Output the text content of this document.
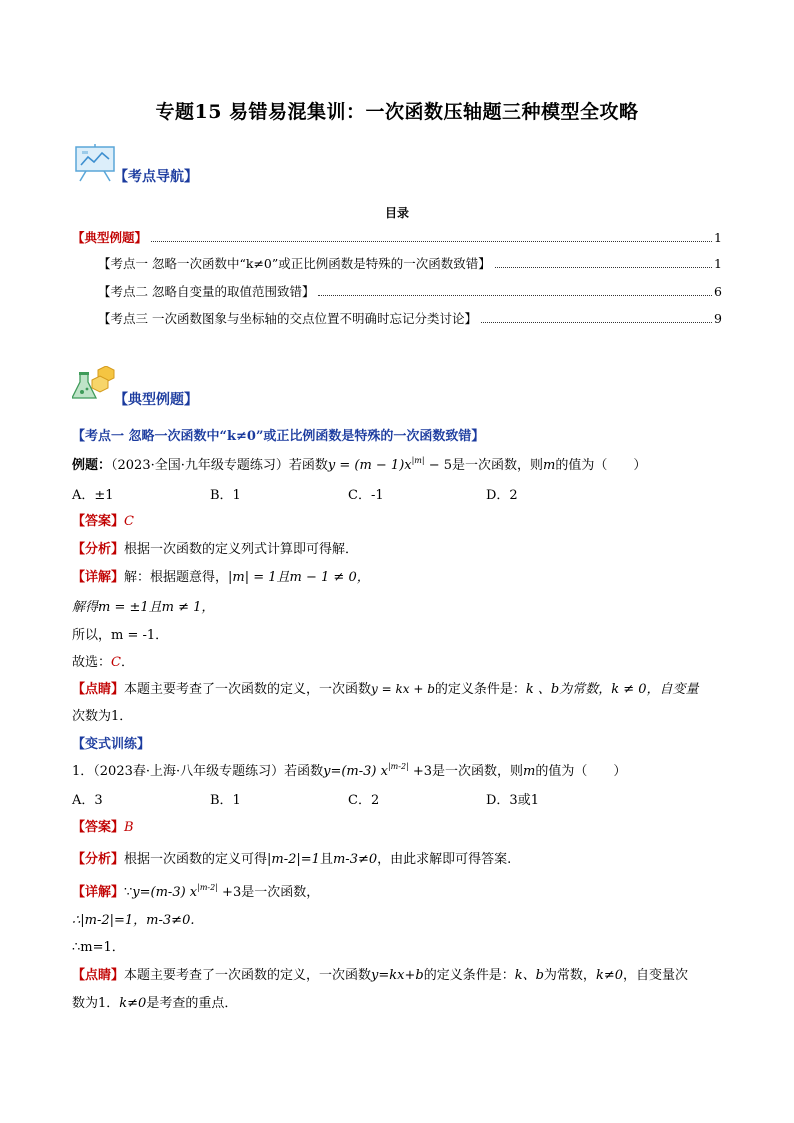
专题15 易错易混集训：一次函数压轴题三种模型全攻略
【考点导航】
目录
【典型例题】	1
【考点一 忽略一次函数中“k≠0”或正比例函数是特殊的一次函数致错】	1
【考点二 忽略自变量的取值范围致错】	6
【考点三 一次函数图象与坐标轴的交点位置不明确时忘记分类讨论】	9
【典型例题】
【考点一 忽略一次函数中“k≠0”或正比例函数是特殊的一次函数致错】
例题：（2023·全国·九年级专题练习）若函数$y = (m - 1)x^{|m|} - 5$是一次函数，则m的值为（　　）
A．±1	B．1	C．-1	D．2
【答案】C
【分析】根据一次函数的定义列式计算即可得解．
【详解】解：根据题意得，|m| = 1且m − 1 ≠ 0，
解得m = ±1且m ≠ 1，
所以，m = -1．
故选：C．
【点睛】本题主要考查了一次函数的定义，一次函数y = kx + b的定义条件是：k 、b为常数，k ≠ 0，自变量
次数为1．
【变式训练】
1．（2023春·上海·八年级专题练习）若函数y=(m-3) $x^{|m-2|} +3$是一次函数，则m的值为（　　）
A．3	B．1	C．2	D．3或1
【答案】B
【分析】根据一次函数的定义可得|m-2|=1且m-3≠0，由此求解即可得答案.
【详解】∵y=(m-3) $x^{|m-2|} +3$是一次函数，
∴|m-2|=1，m-3≠0.
∴m=1．
【点睛】本题主要考查了一次函数的定义，一次函数y=kx+b的定义条件是：k、b为常数，k≠0，自变量次
数为1．k≠0是考查的重点．
